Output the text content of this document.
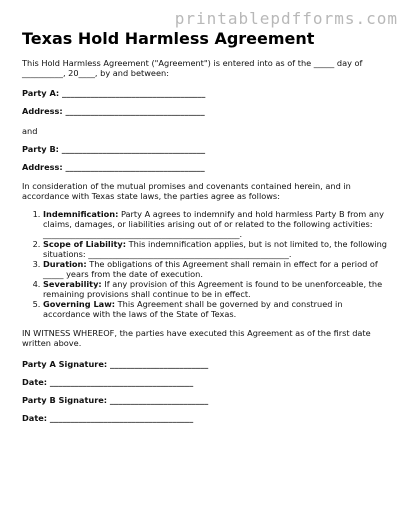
printablepdfforms.com
Texas Hold Harmless Agreement

This Hold Harmless Agreement ("Agreement") is entered into as of the _____ day of
__________, 20____, by and between:

Party A: ___________________________________

Address: __________________________________

and

Party B: ___________________________________

Address: __________________________________

In consideration of the mutual promises and covenants contained herein, and in accordance with Texas state laws, the parties agree as follows:

1. Indemnification: Party A agrees to indemnify and hold harmless Party B from any claims, damages, or liabilities arising out of or related to the following activities: ________________________________________________.
2. Scope of Liability: This indemnification applies, but is not limited to, the following situations: _________________________________________________.
3. Duration: The obligations of this Agreement shall remain in effect for a period of _____ years from the date of execution.
4. Severability: If any provision of this Agreement is found to be unenforceable, the remaining provisions shall continue to be in effect.
5. Governing Law: This Agreement shall be governed by and construed in accordance with the laws of the State of Texas.

IN WITNESS WHEREOF, the parties have executed this Agreement as of the first date written above.

Party A Signature: ________________________

Date: ___________________________________

Party B Signature: ________________________

Date: ___________________________________
